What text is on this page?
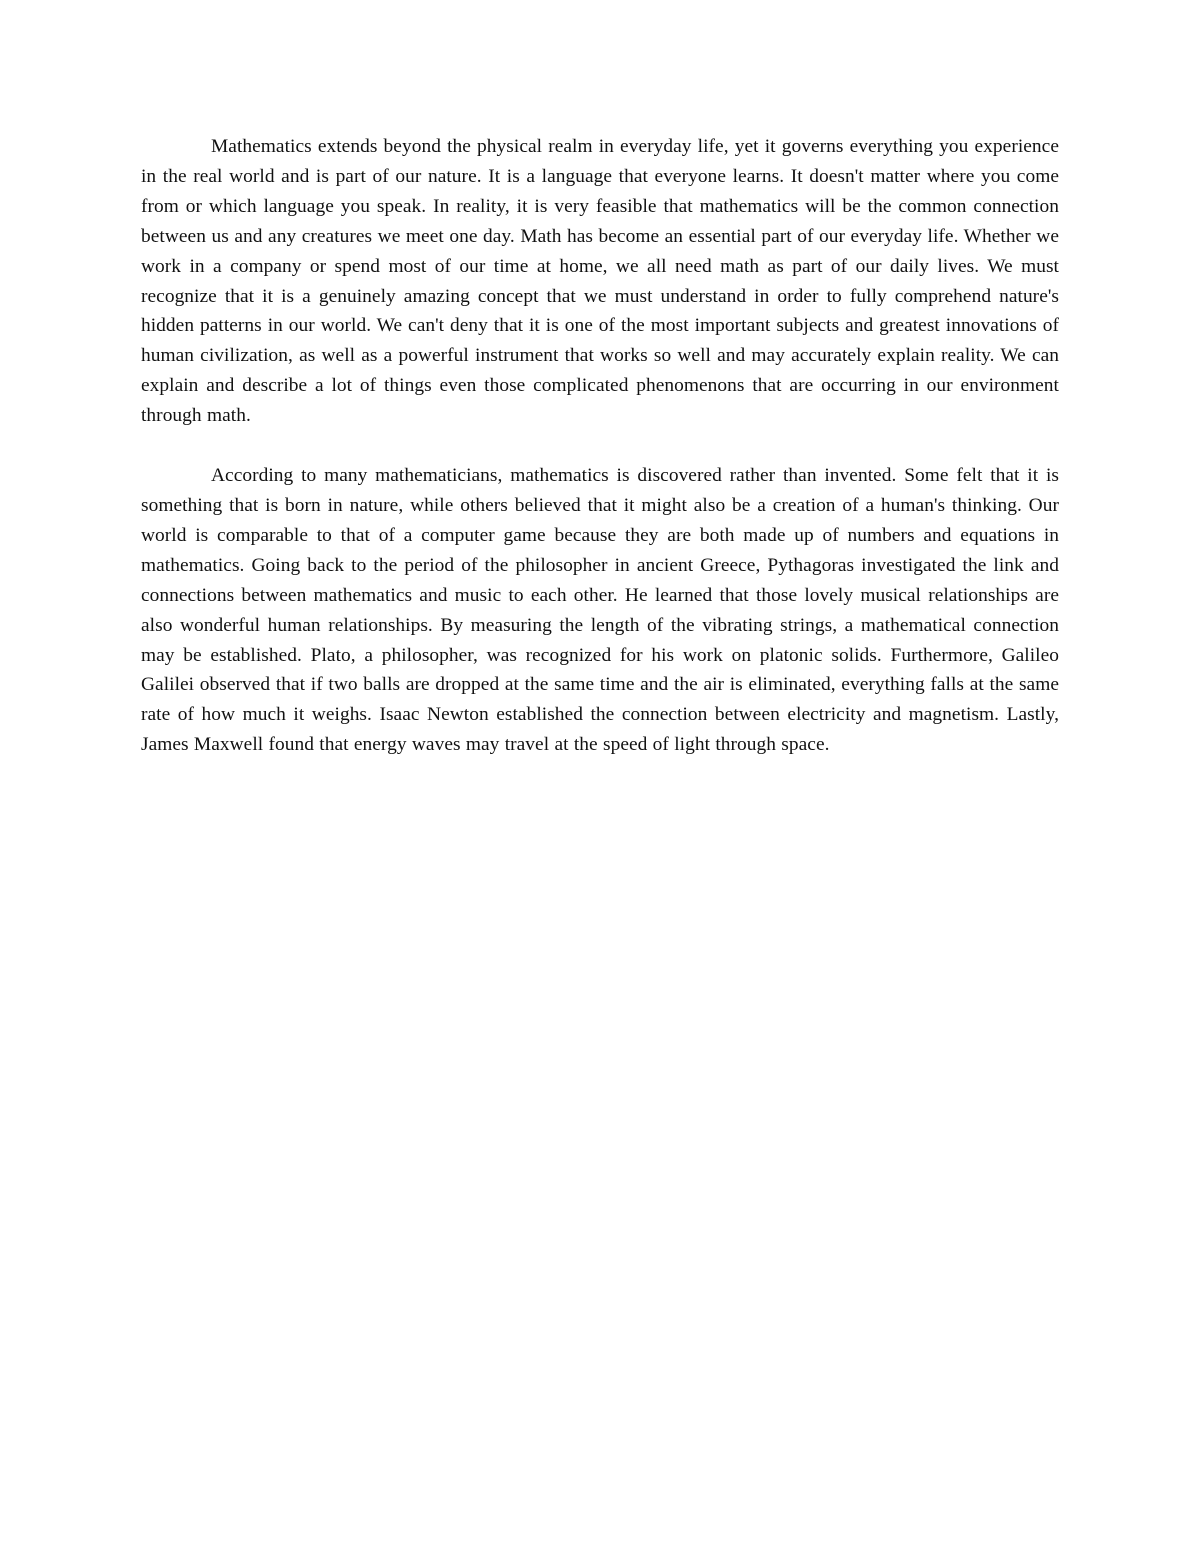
Mathematics extends beyond the physical realm in everyday life, yet it governs everything you experience in the real world and is part of our nature. It is a language that everyone learns. It doesn't matter where you come from or which language you speak. In reality, it is very feasible that mathematics will be the common connection between us and any creatures we meet one day. Math has become an essential part of our everyday life. Whether we work in a company or spend most of our time at home, we all need math as part of our daily lives. We must recognize that it is a genuinely amazing concept that we must understand in order to fully comprehend nature's hidden patterns in our world. We can't deny that it is one of the most important subjects and greatest innovations of human civilization, as well as a powerful instrument that works so well and may accurately explain reality. We can explain and describe a lot of things even those complicated phenomenons that are occurring in our environment through math.

According to many mathematicians, mathematics is discovered rather than invented. Some felt that it is something that is born in nature, while others believed that it might also be a creation of a human's thinking. Our world is comparable to that of a computer game because they are both made up of numbers and equations in mathematics. Going back to the period of the philosopher in ancient Greece, Pythagoras investigated the link and connections between mathematics and music to each other. He learned that those lovely musical relationships are also wonderful human relationships. By measuring the length of the vibrating strings, a mathematical connection may be established. Plato, a philosopher, was recognized for his work on platonic solids. Furthermore, Galileo Galilei observed that if two balls are dropped at the same time and the air is eliminated, everything falls at the same rate of how much it weighs. Isaac Newton established the connection between electricity and magnetism. Lastly, James Maxwell found that energy waves may travel at the speed of light through space.
